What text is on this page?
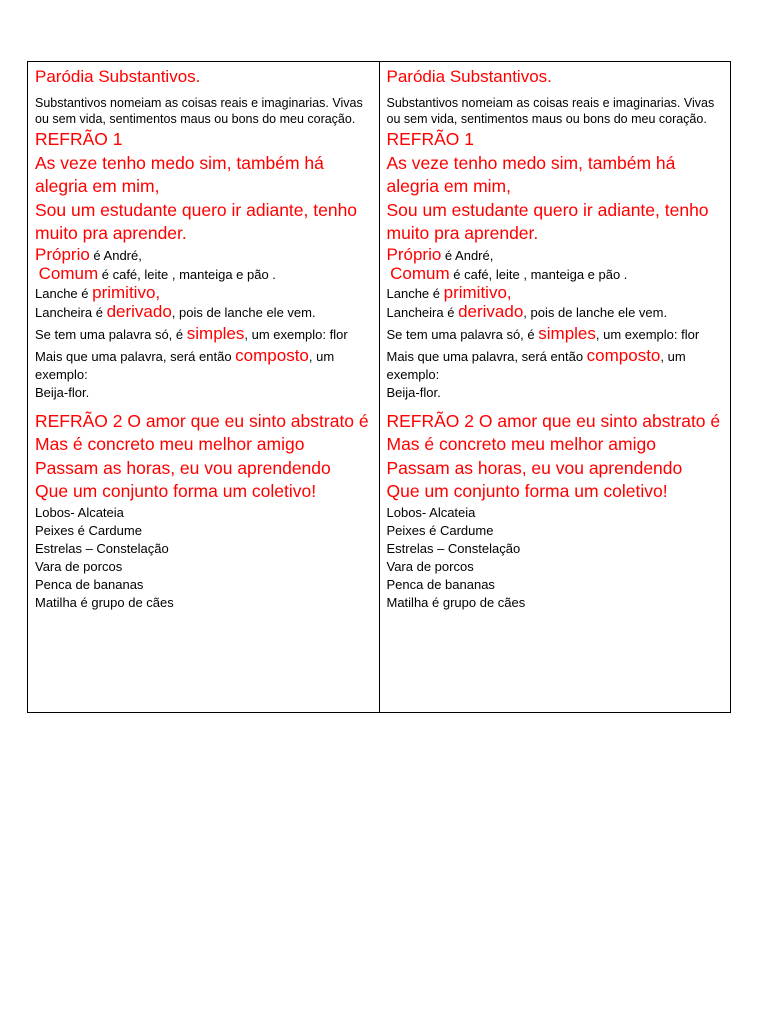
Paródia Substantivos.

Substantivos nomeiam as coisas reais e imaginarias. Vivas ou sem vida, sentimentos maus ou bons do meu coração.

REFRÃO 1

As veze tenho medo sim, também há alegria em mim,

Sou um estudante quero ir adiante, tenho muito pra aprender.

Próprio é André,

Comum é café, leite , manteiga e pão .

Lanche é primitivo,

Lancheira é derivado, pois de lanche ele vem.

Se tem uma palavra só, é simples, um exemplo: flor

Mais que uma palavra, será então composto, um exemplo:

Beija-flor.

REFRÃO 2 O amor que eu sinto abstrato é

Mas é concreto meu melhor amigo

Passam as horas, eu vou aprendendo

Que um conjunto forma um coletivo!

Lobos- Alcateia

Peixes é Cardume

Estrelas – Constelação

Vara de porcos

Penca de bananas

Matilha é grupo de cães

Paródia Substantivos.

Substantivos nomeiam as coisas reais e imaginarias. Vivas ou sem vida, sentimentos maus ou bons do meu coração.

REFRÃO 1

As veze tenho medo sim, também há alegria em mim,

Sou um estudante quero ir adiante, tenho muito pra aprender.

Próprio é André,

Comum é café, leite , manteiga e pão .

Lanche é primitivo,

Lancheira é derivado, pois de lanche ele vem.

Se tem uma palavra só, é simples, um exemplo: flor

Mais que uma palavra, será então composto, um exemplo:

Beija-flor.

REFRÃO 2 O amor que eu sinto abstrato é

Mas é concreto meu melhor amigo

Passam as horas, eu vou aprendendo

Que um conjunto forma um coletivo!

Lobos- Alcateia

Peixes é Cardume

Estrelas – Constelação

Vara de porcos

Penca de bananas

Matilha é grupo de cães
